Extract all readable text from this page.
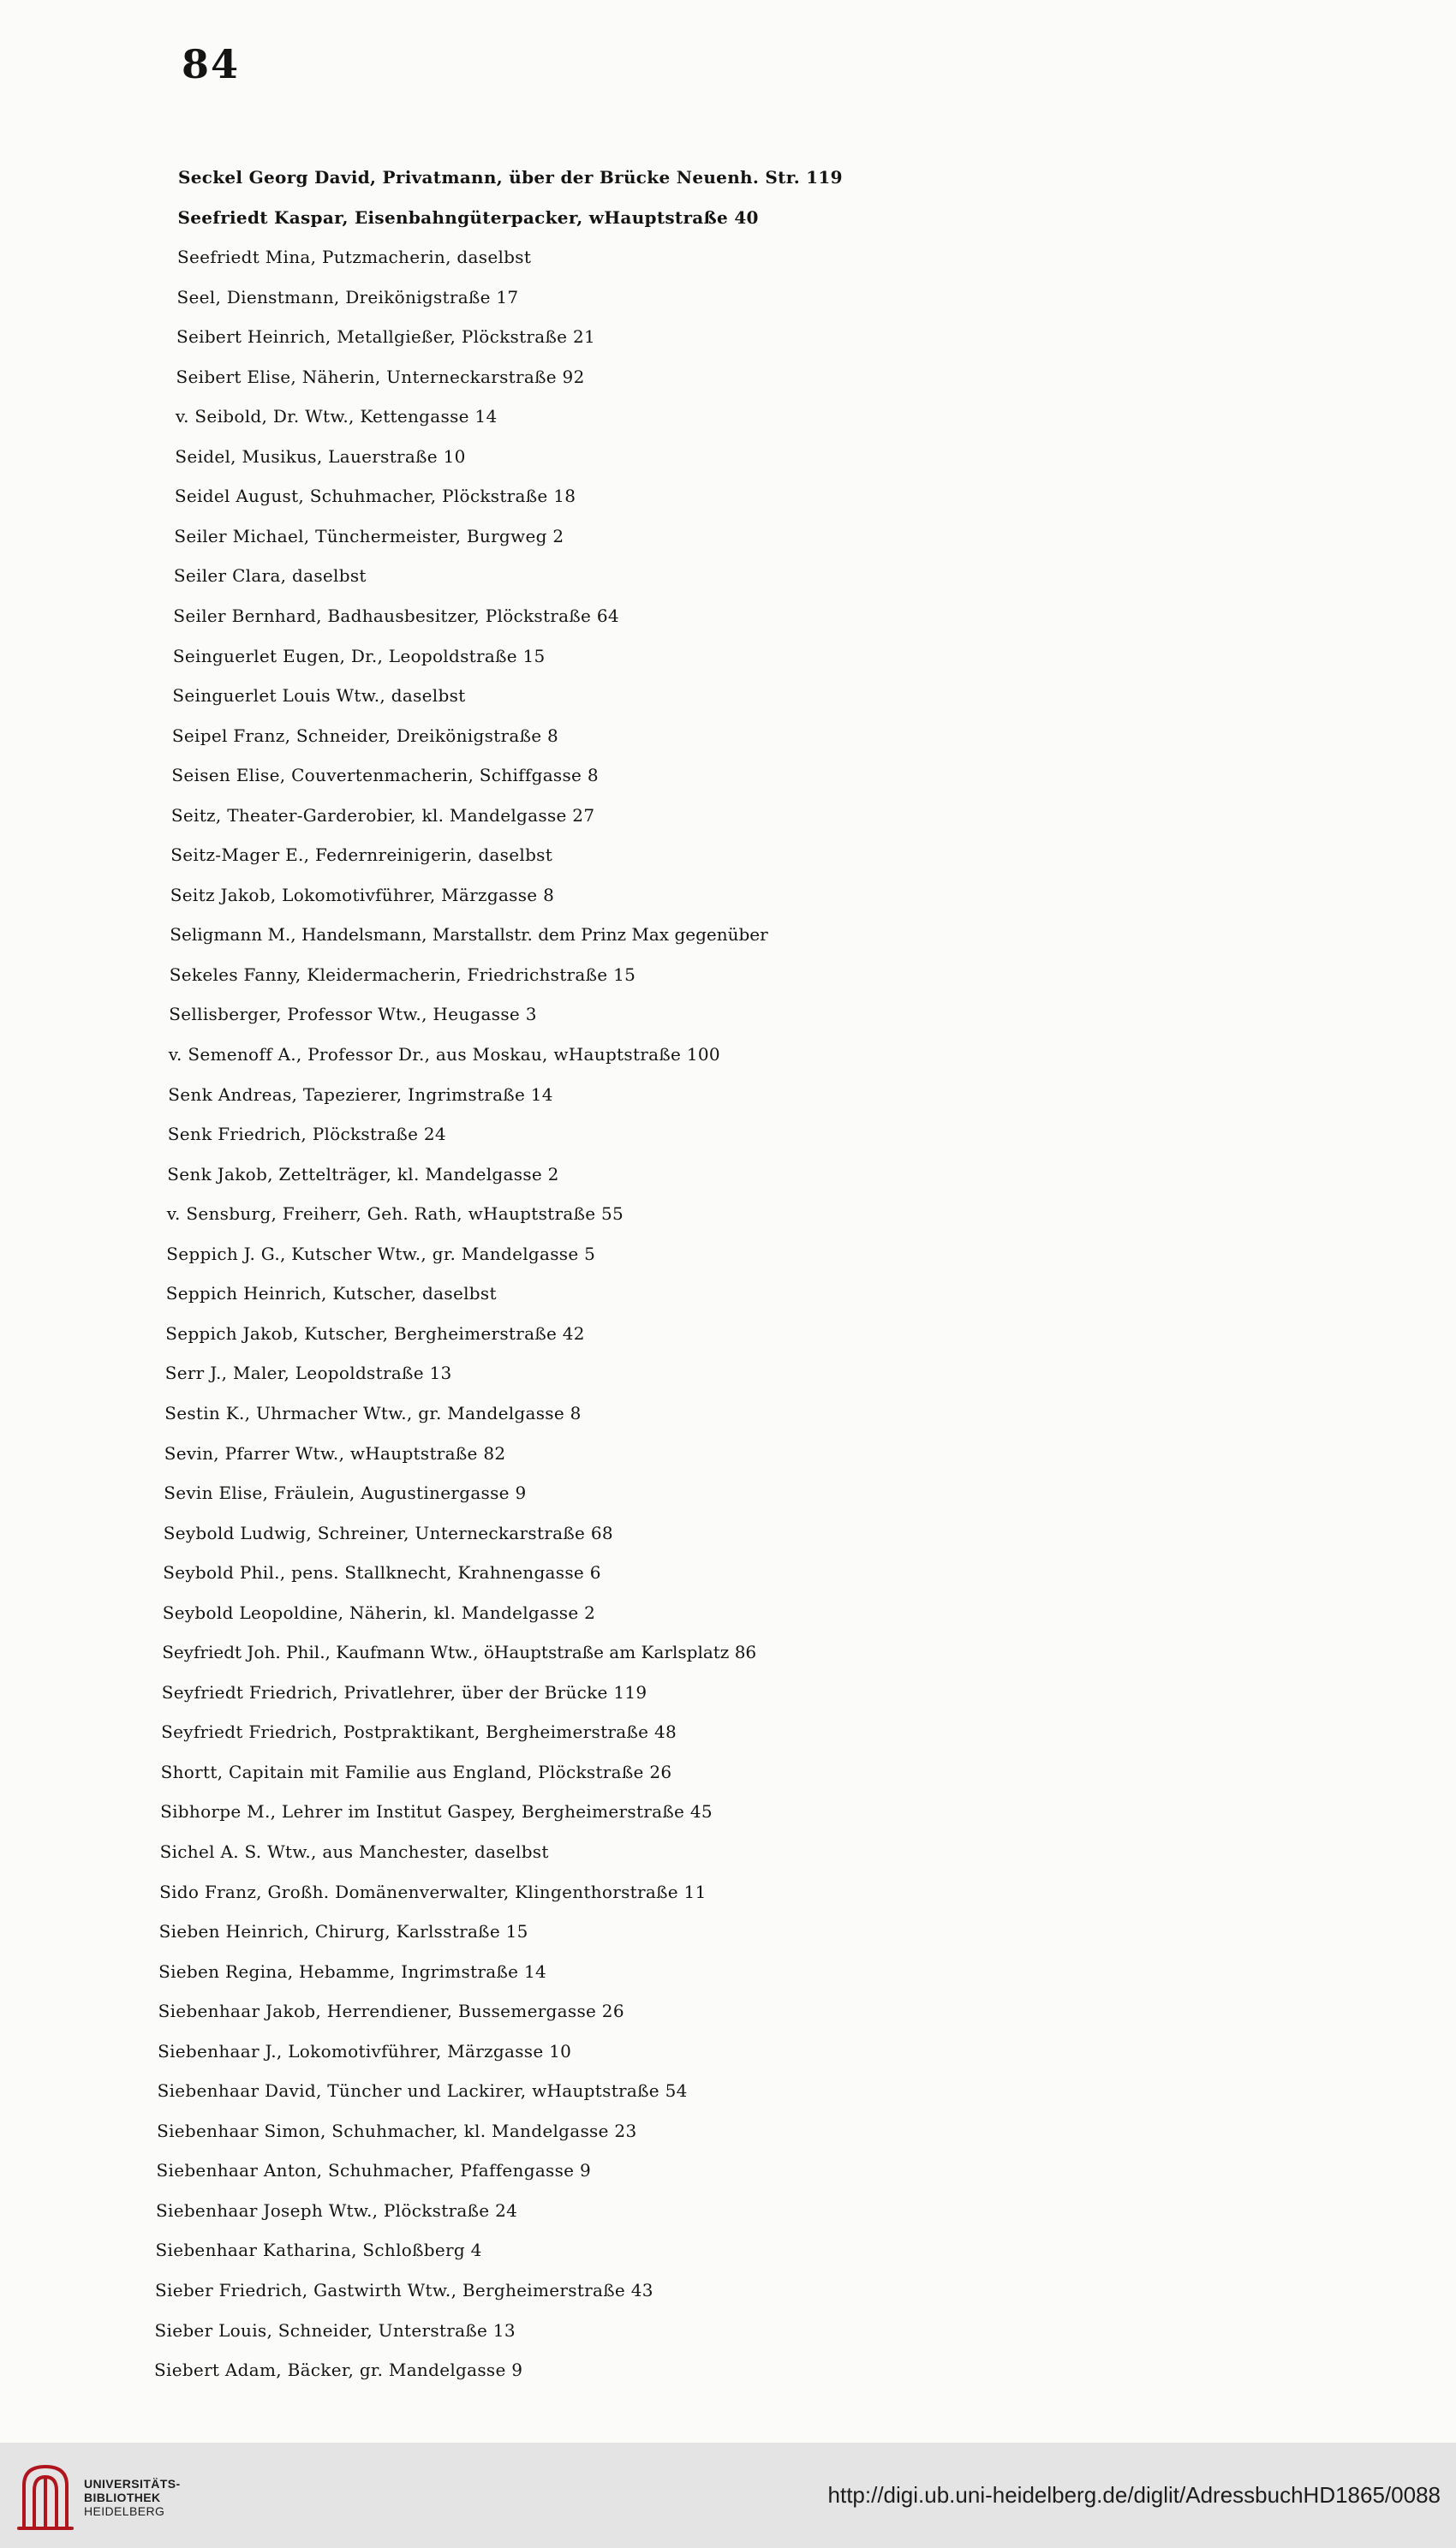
84
Seckel Georg David, Privatmann, über der Brücke Neuenh. Str. 119
Seefriedt Kaspar, Eisenbahngüterpacker, wHauptstraße 40
Seefriedt Mina, Putzmacherin, daselbst
Seel, Dienstmann, Dreikönigstraße 17
Seibert Heinrich, Metallgießer, Plöckstraße 21
Seibert Elise, Näherin, Unterneckarstraße 92
v. Seibold, Dr. Wtw., Kettengasse 14
Seidel, Musikus, Lauerstraße 10
Seidel August, Schuhmacher, Plöckstraße 18
Seiler Michael, Tünchermeister, Burgweg 2
Seiler Clara, daselbst
Seiler Bernhard, Badhausbesitzer, Plöckstraße 64
Seinguerlet Eugen, Dr., Leopoldstraße 15
Seinguerlet Louis Wtw., daselbst
Seipel Franz, Schneider, Dreikönigstraße 8
Seisen Elise, Couvertenmacherin, Schiffgasse 8
Seitz, Theater-Garderobier, kl. Mandelgasse 27
Seitz-Mager E., Federnreinigerin, daselbst
Seitz Jakob, Lokomotivführer, Märzgasse 8
Seligmann M., Handelsmann, Marstallstr. dem Prinz Max gegenüber
Sekeles Fanny, Kleidermacherin, Friedrichstraße 15
Sellisberger, Professor Wtw., Heugasse 3
v. Semenoff A., Professor Dr., aus Moskau, wHauptstraße 100
Senk Andreas, Tapezierer, Ingrimstraße 14
Senk Friedrich, Plöckstraße 24
Senk Jakob, Zettelträger, kl. Mandelgasse 2
v. Sensburg, Freiherr, Geh. Rath, wHauptstraße 55
Seppich J. G., Kutscher Wtw., gr. Mandelgasse 5
Seppich Heinrich, Kutscher, daselbst
Seppich Jakob, Kutscher, Bergheimerstraße 42
Serr J., Maler, Leopoldstraße 13
Sestin K., Uhrmacher Wtw., gr. Mandelgasse 8
Sevin, Pfarrer Wtw., wHauptstraße 82
Sevin Elise, Fräulein, Augustinergasse 9
Seybold Ludwig, Schreiner, Unterneckarstraße 68
Seybold Phil., pens. Stallknecht, Krahnengasse 6
Seybold Leopoldine, Näherin, kl. Mandelgasse 2
Seyfriedt Joh. Phil., Kaufmann Wtw., öHauptstraße am Karlsplatz 86
Seyfriedt Friedrich, Privatlehrer, über der Brücke 119
Seyfriedt Friedrich, Postpraktikant, Bergheimerstraße 48
Shortt, Capitain mit Familie aus England, Plöckstraße 26
Sibhorpe M., Lehrer im Institut Gaspey, Bergheimerstraße 45
Sichel A. S. Wtw., aus Manchester, daselbst
Sido Franz, Großh. Domänenverwalter, Klingenthorstraße 11
Sieben Heinrich, Chirurg, Karlsstraße 15
Sieben Regina, Hebamme, Ingrimstraße 14
Siebenhaar Jakob, Herrendiener, Bussemergasse 26
Siebenhaar J., Lokomotivführer, Märzgasse 10
Siebenhaar David, Tüncher und Lackirer, wHauptstraße 54
Siebenhaar Simon, Schuhmacher, kl. Mandelgasse 23
Siebenhaar Anton, Schuhmacher, Pfaffengasse 9
Siebenhaar Joseph Wtw., Plöckstraße 24
Siebenhaar Katharina, Schloßberg 4
Sieber Friedrich, Gastwirth Wtw., Bergheimerstraße 43
Sieber Louis, Schneider, Unterstraße 13
Siebert Adam, Bäcker, gr. Mandelgasse 9
UNIVERSITÄTS-
BIBLIOTHEK
HEIDELBERG
http://digi.ub.uni-heidelberg.de/diglit/AdressbuchHD1865/0088
